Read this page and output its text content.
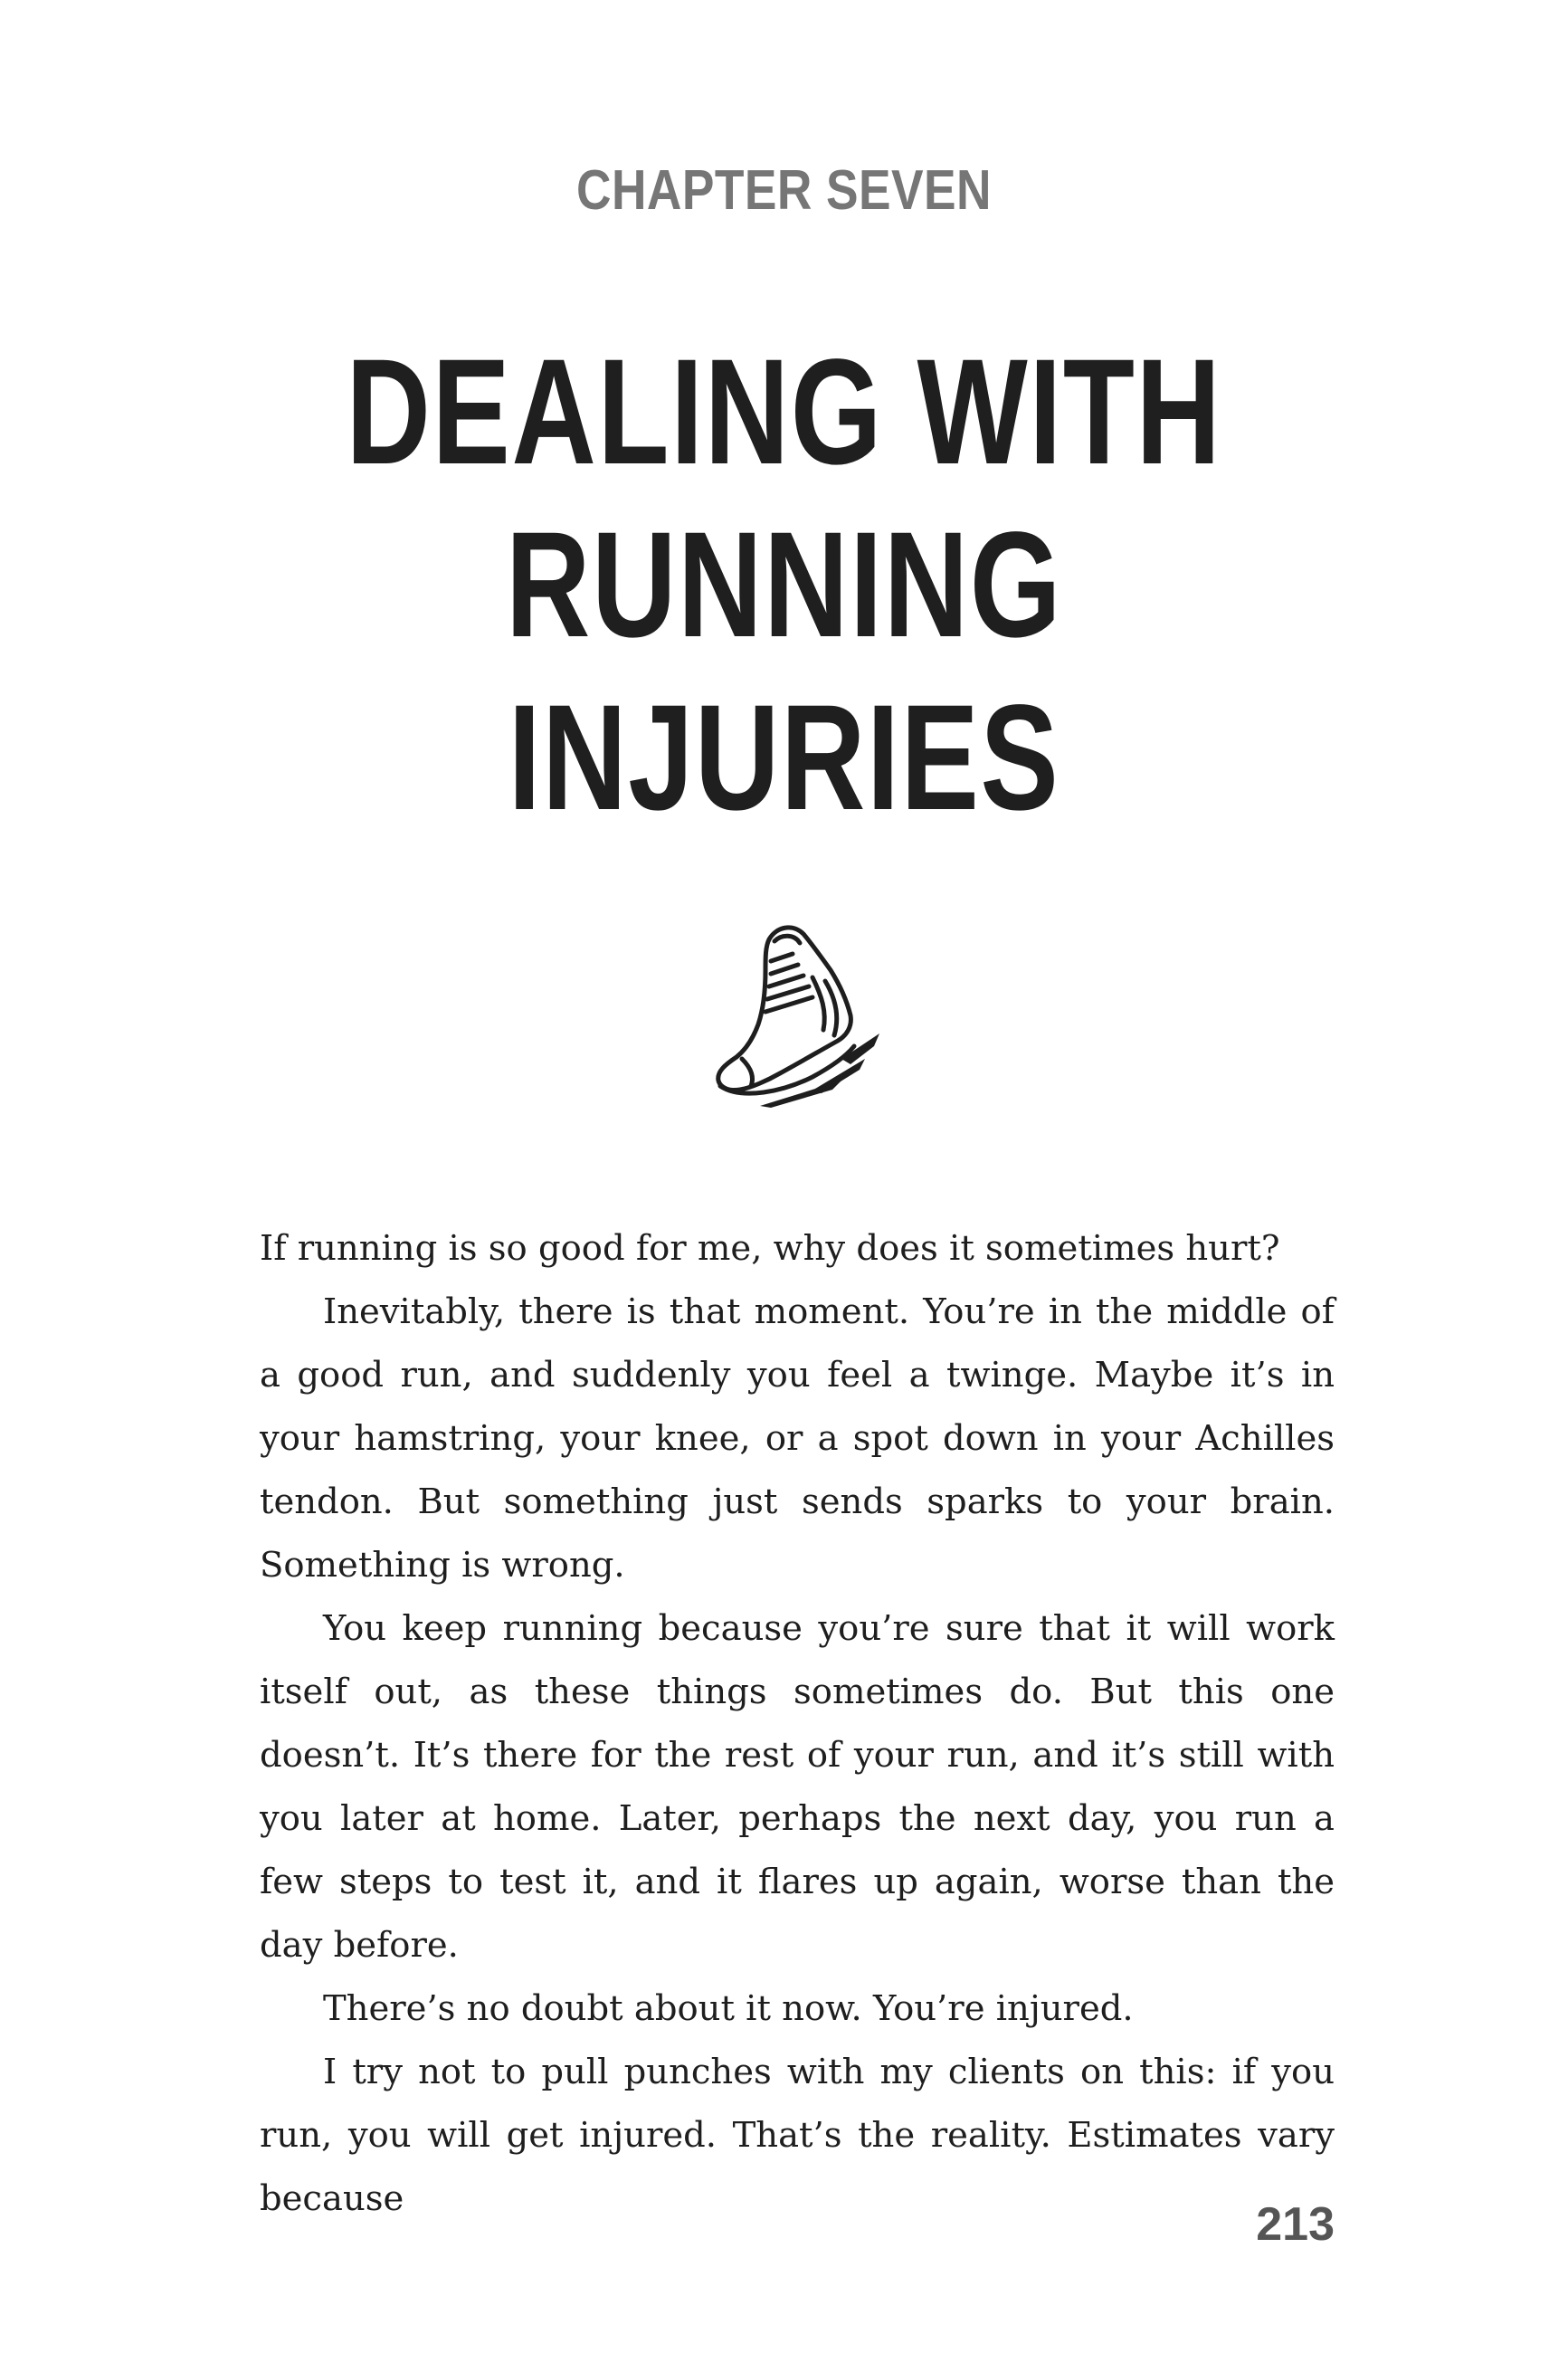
CHAPTER SEVEN
DEALING WITH
RUNNING
INJURIES

If running is so good for me, why does it sometimes hurt?

Inevitably, there is that moment. You’re in the middle of a good run, and suddenly you feel a twinge. Maybe it’s in your hamstring, your knee, or a spot down in your Achilles tendon. But something just sends sparks to your brain. Something is wrong.

You keep running because you’re sure that it will work itself out, as these things sometimes do. But this one doesn’t. It’s there for the rest of your run, and it’s still with you later at home. Later, perhaps the next day, you run a few steps to test it, and it flares up again, worse than the day before.

There’s no doubt about it now. You’re injured.

I try not to pull punches with my clients on this: if you run, you will get injured. That’s the reality. Estimates vary because	213
